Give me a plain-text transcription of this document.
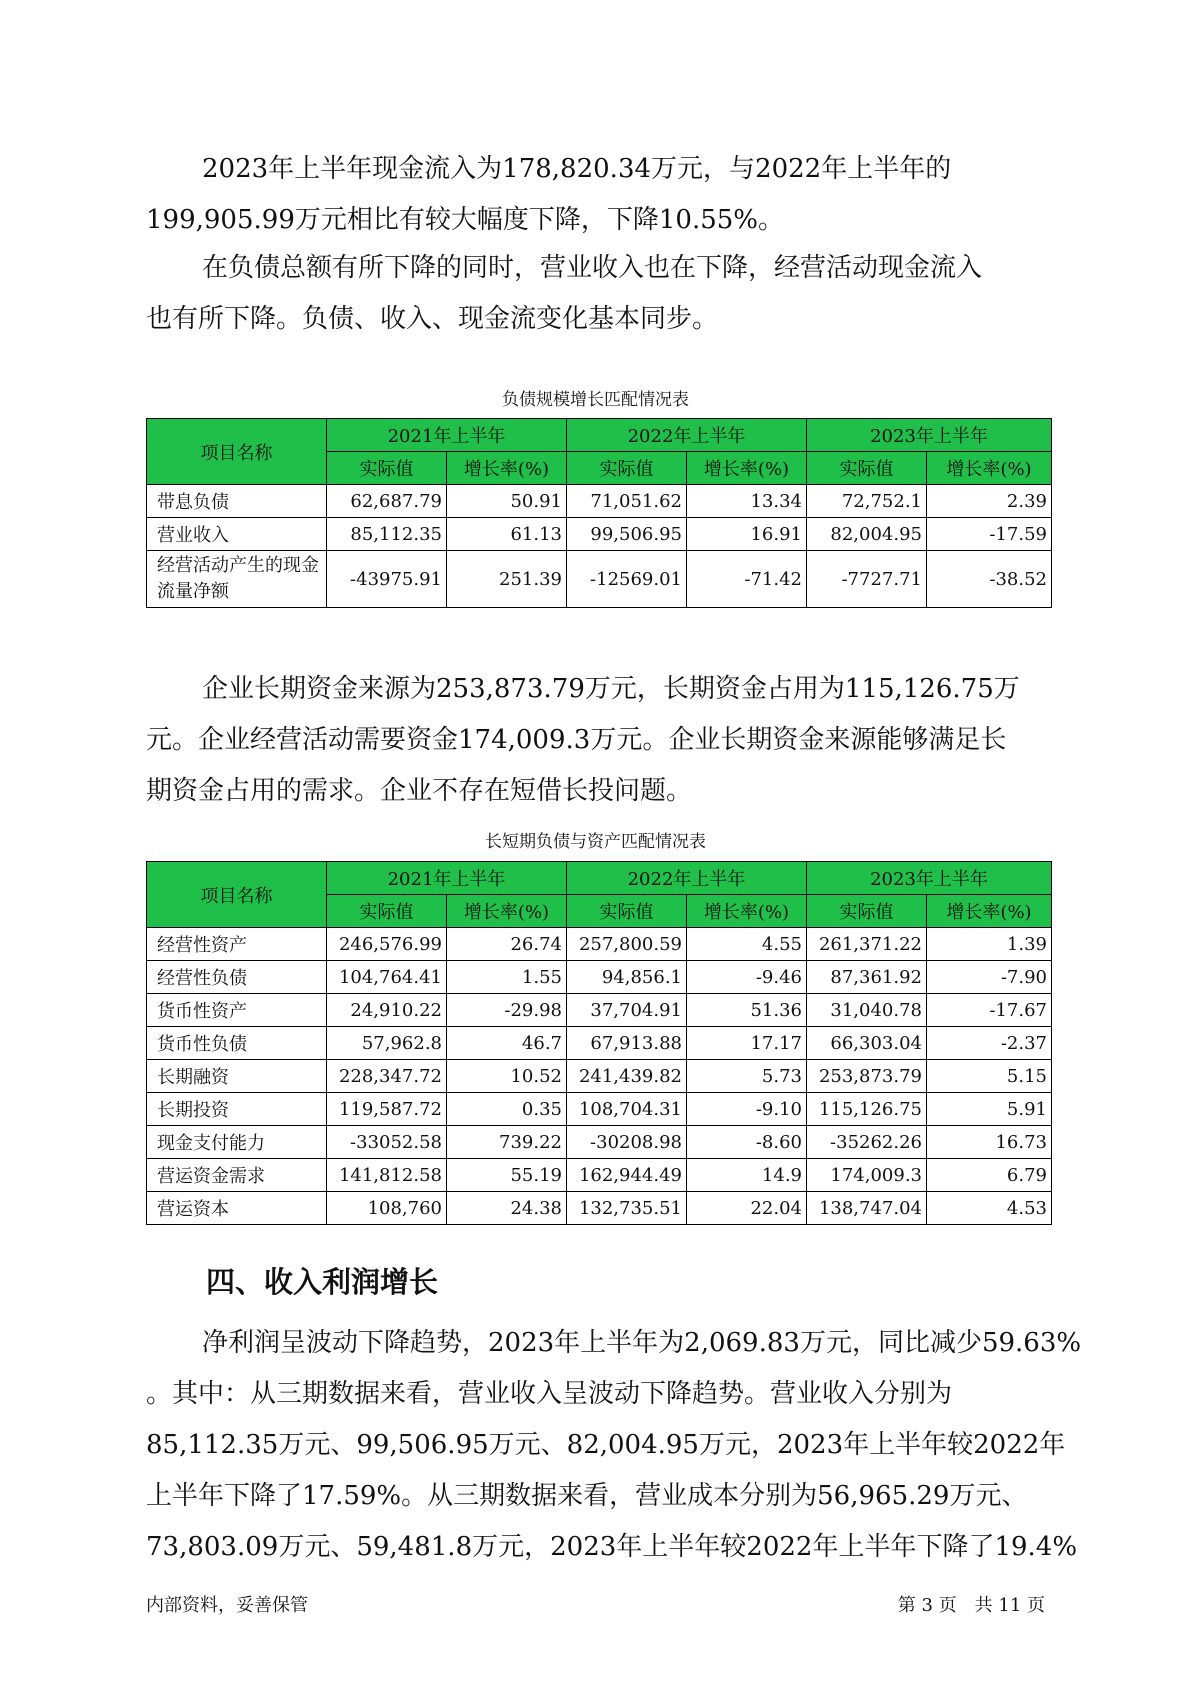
2023年上半年现金流入为178,820.34万元，与2022年上半年的
199,905.99万元相比有较大幅度下降，下降10.55%。
在负债总额有所下降的同时，营业收入也在下降，经营活动现金流入
也有所下降。负债、收入、现金流变化基本同步。
负债规模增长匹配情况表
项目名称	2021年上半年		2022年上半年		2023年上半年	
	实际值	增长率(%)	实际值	增长率(%)	实际值	增长率(%)
带息负债	62,687.79	50.91	71,051.62	13.34	72,752.1	2.39
营业收入	85,112.35	61.13	99,506.95	16.91	82,004.95	-17.59
经营活动产生的现金流量净额	-43975.91	251.39	-12569.01	-71.42	-7727.71	-38.52
企业长期资金来源为253,873.79万元，长期资金占用为115,126.75万
元。企业经营活动需要资金174,009.3万元。企业长期资金来源能够满足长
期资金占用的需求。企业不存在短借长投问题。
长短期负债与资产匹配情况表
项目名称	2021年上半年		2022年上半年		2023年上半年	
	实际值	增长率(%)	实际值	增长率(%)	实际值	增长率(%)
经营性资产	246,576.99	26.74	257,800.59	4.55	261,371.22	1.39
经营性负债	104,764.41	1.55	94,856.1	-9.46	87,361.92	-7.90
货币性资产	24,910.22	-29.98	37,704.91	51.36	31,040.78	-17.67
货币性负债	57,962.8	46.7	67,913.88	17.17	66,303.04	-2.37
长期融资	228,347.72	10.52	241,439.82	5.73	253,873.79	5.15
长期投资	119,587.72	0.35	108,704.31	-9.10	115,126.75	5.91
现金支付能力	-33052.58	739.22	-30208.98	-8.60	-35262.26	16.73
营运资金需求	141,812.58	55.19	162,944.49	14.9	174,009.3	6.79
营运资本	108,760	24.38	132,735.51	22.04	138,747.04	4.53
四、收入利润增长
净利润呈波动下降趋势，2023年上半年为2,069.83万元，同比减少59.63%
。其中：从三期数据来看，营业收入呈波动下降趋势。营业收入分别为
85,112.35万元、99,506.95万元、82,004.95万元，2023年上半年较2022年
上半年下降了17.59%。从三期数据来看，营业成本分别为56,965.29万元、
73,803.09万元、59,481.8万元，2023年上半年较2022年上半年下降了19.4%
内部资料，妥善保管	第 3 页　共 11 页
